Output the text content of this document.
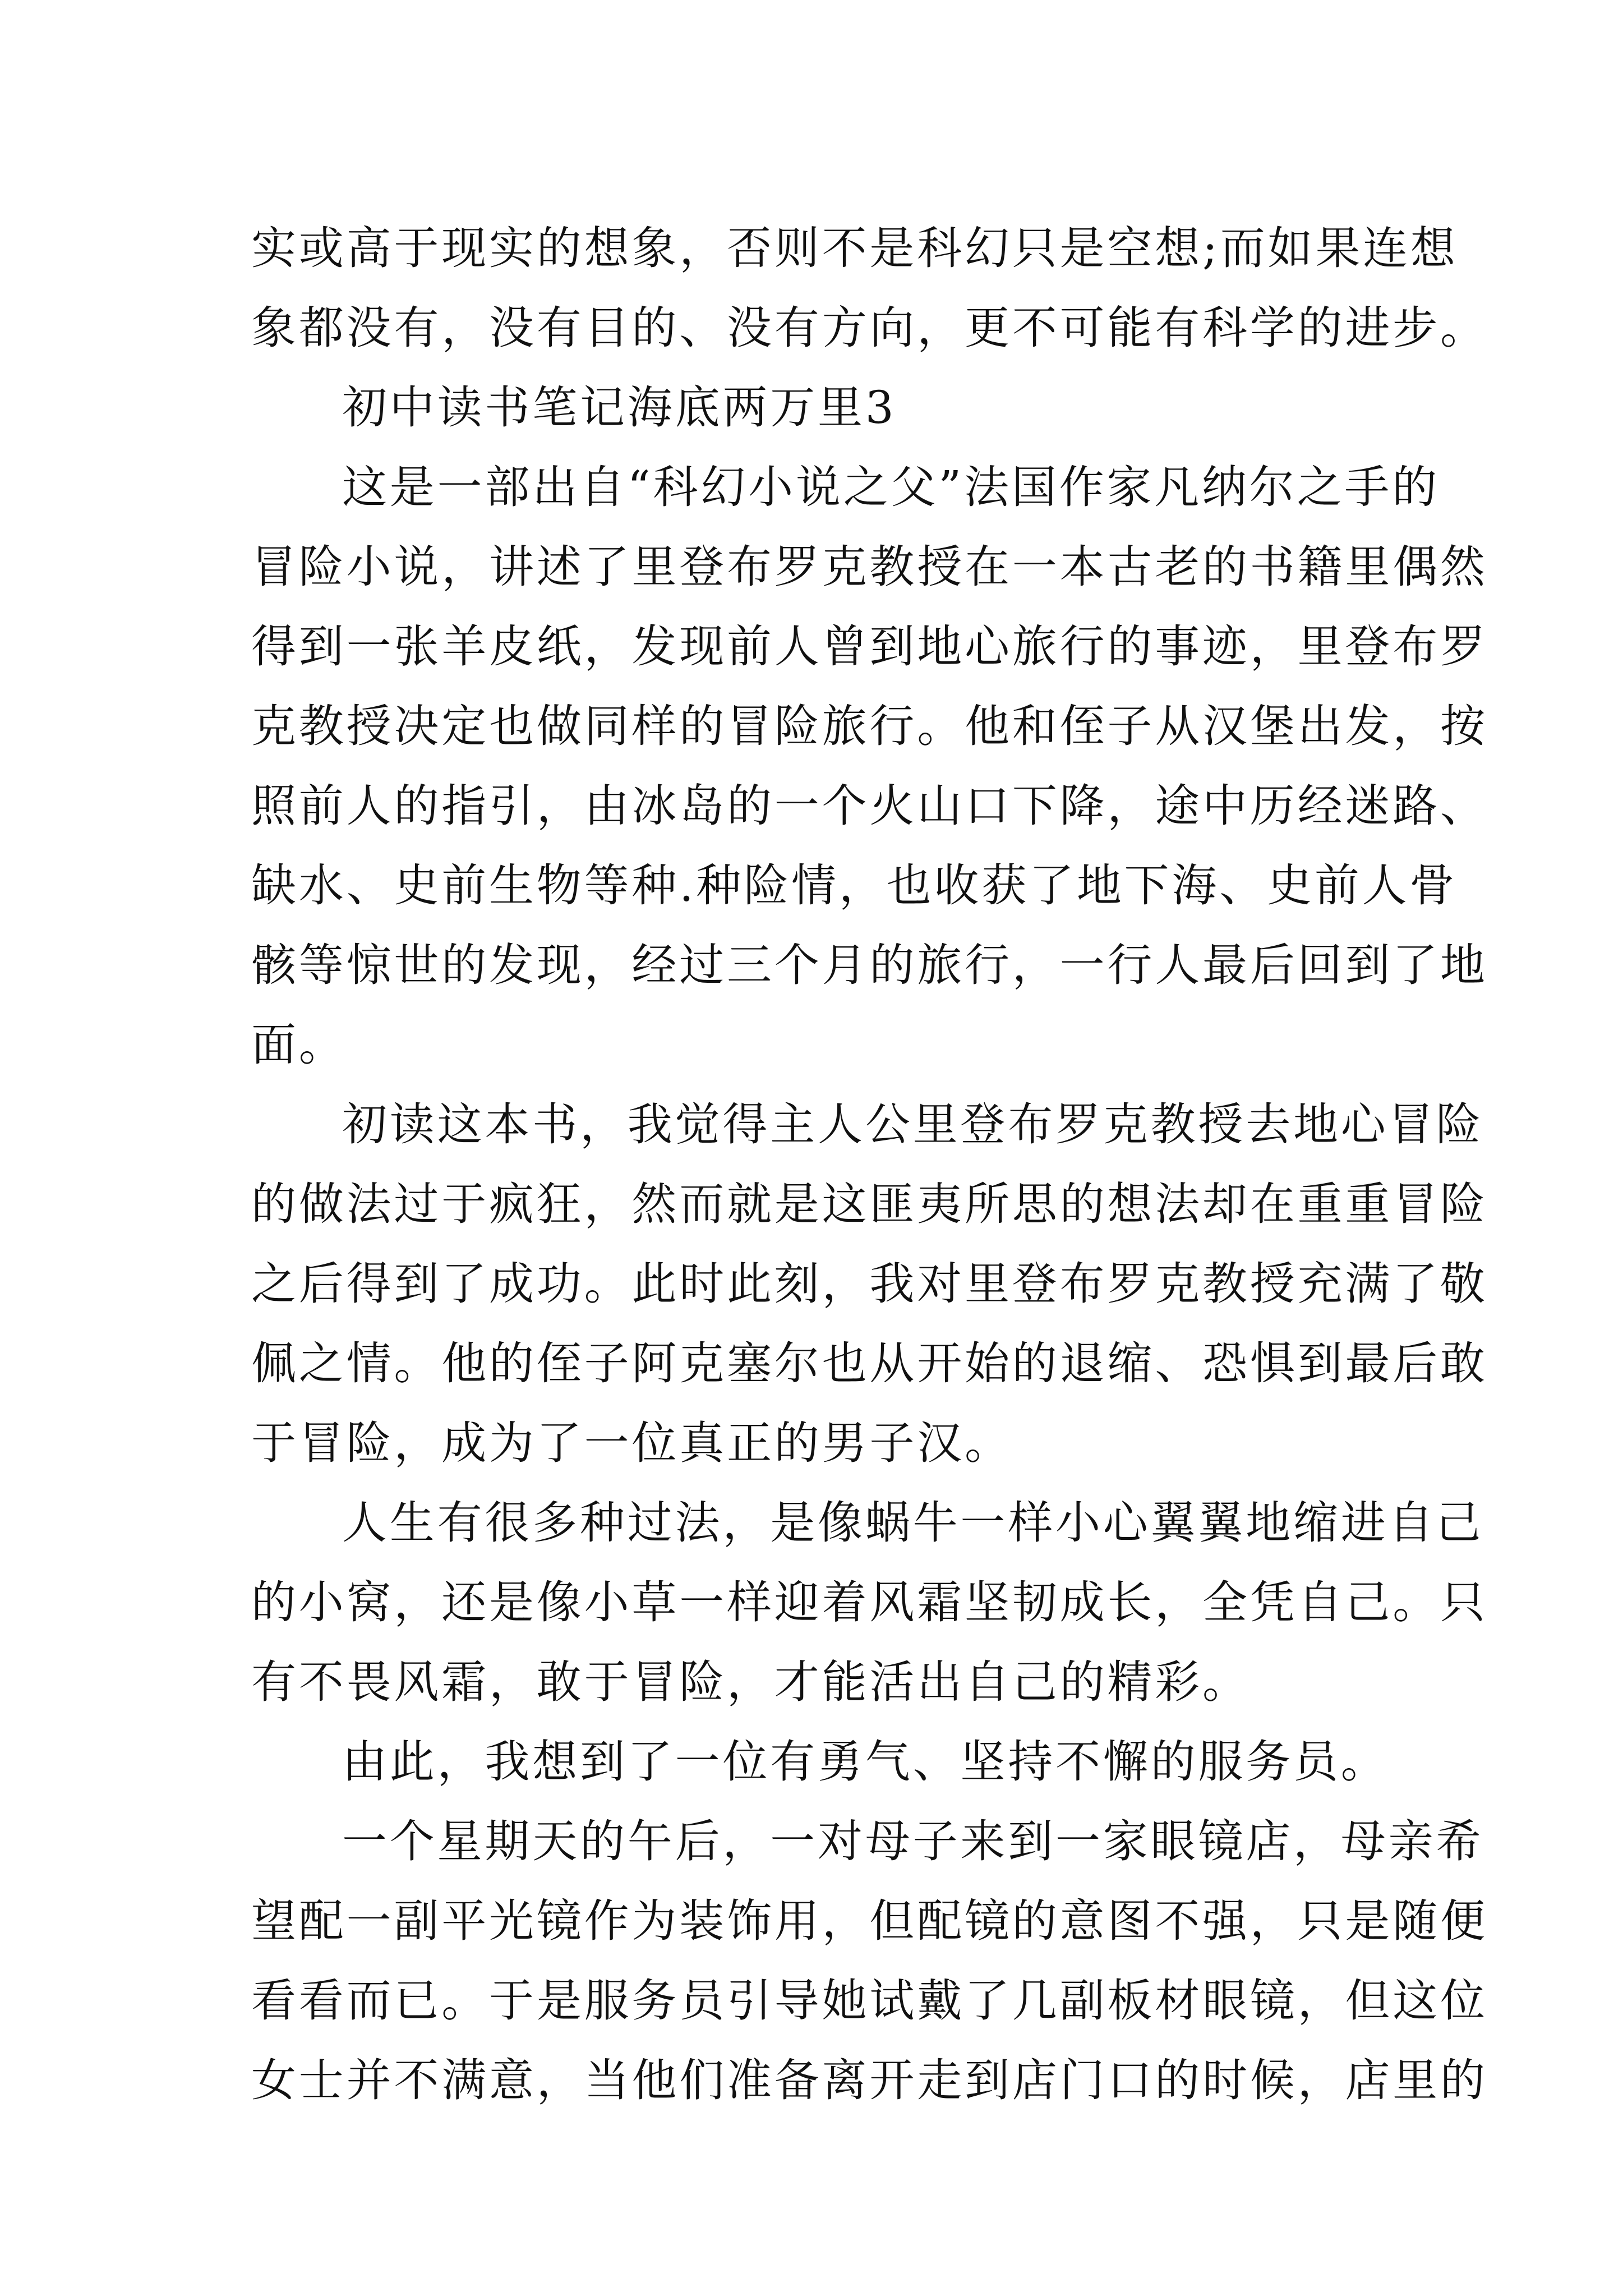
实或高于现实的想象，否则不是科幻只是空想;而如果连想
象都没有，没有目的、没有方向，更不可能有科学的进步。
初中读书笔记海底两万里3
这是一部出自“科幻小说之父”法国作家凡纳尔之手的
冒险小说，讲述了里登布罗克教授在一本古老的书籍里偶然
得到一张羊皮纸，发现前人曾到地心旅行的事迹，里登布罗
克教授决定也做同样的冒险旅行。他和侄子从汉堡出发，按
照前人的指引，由冰岛的一个火山口下降，途中历经迷路、
缺水、史前生物等种.种险情，也收获了地下海、史前人骨
骸等惊世的发现，经过三个月的旅行，一行人最后回到了地
面。
初读这本书，我觉得主人公里登布罗克教授去地心冒险
的做法过于疯狂，然而就是这匪夷所思的想法却在重重冒险
之后得到了成功。此时此刻，我对里登布罗克教授充满了敬
佩之情。他的侄子阿克塞尔也从开始的退缩、恐惧到最后敢
于冒险，成为了一位真正的男子汉。
人生有很多种过法，是像蜗牛一样小心翼翼地缩进自己
的小窝，还是像小草一样迎着风霜坚韧成长，全凭自己。只
有不畏风霜，敢于冒险，才能活出自己的精彩。
由此，我想到了一位有勇气、坚持不懈的服务员。
一个星期天的午后，一对母子来到一家眼镜店，母亲希
望配一副平光镜作为装饰用，但配镜的意图不强，只是随便
看看而已。于是服务员引导她试戴了几副板材眼镜，但这位
女士并不满意，当他们准备离开走到店门口的时候，店里的
